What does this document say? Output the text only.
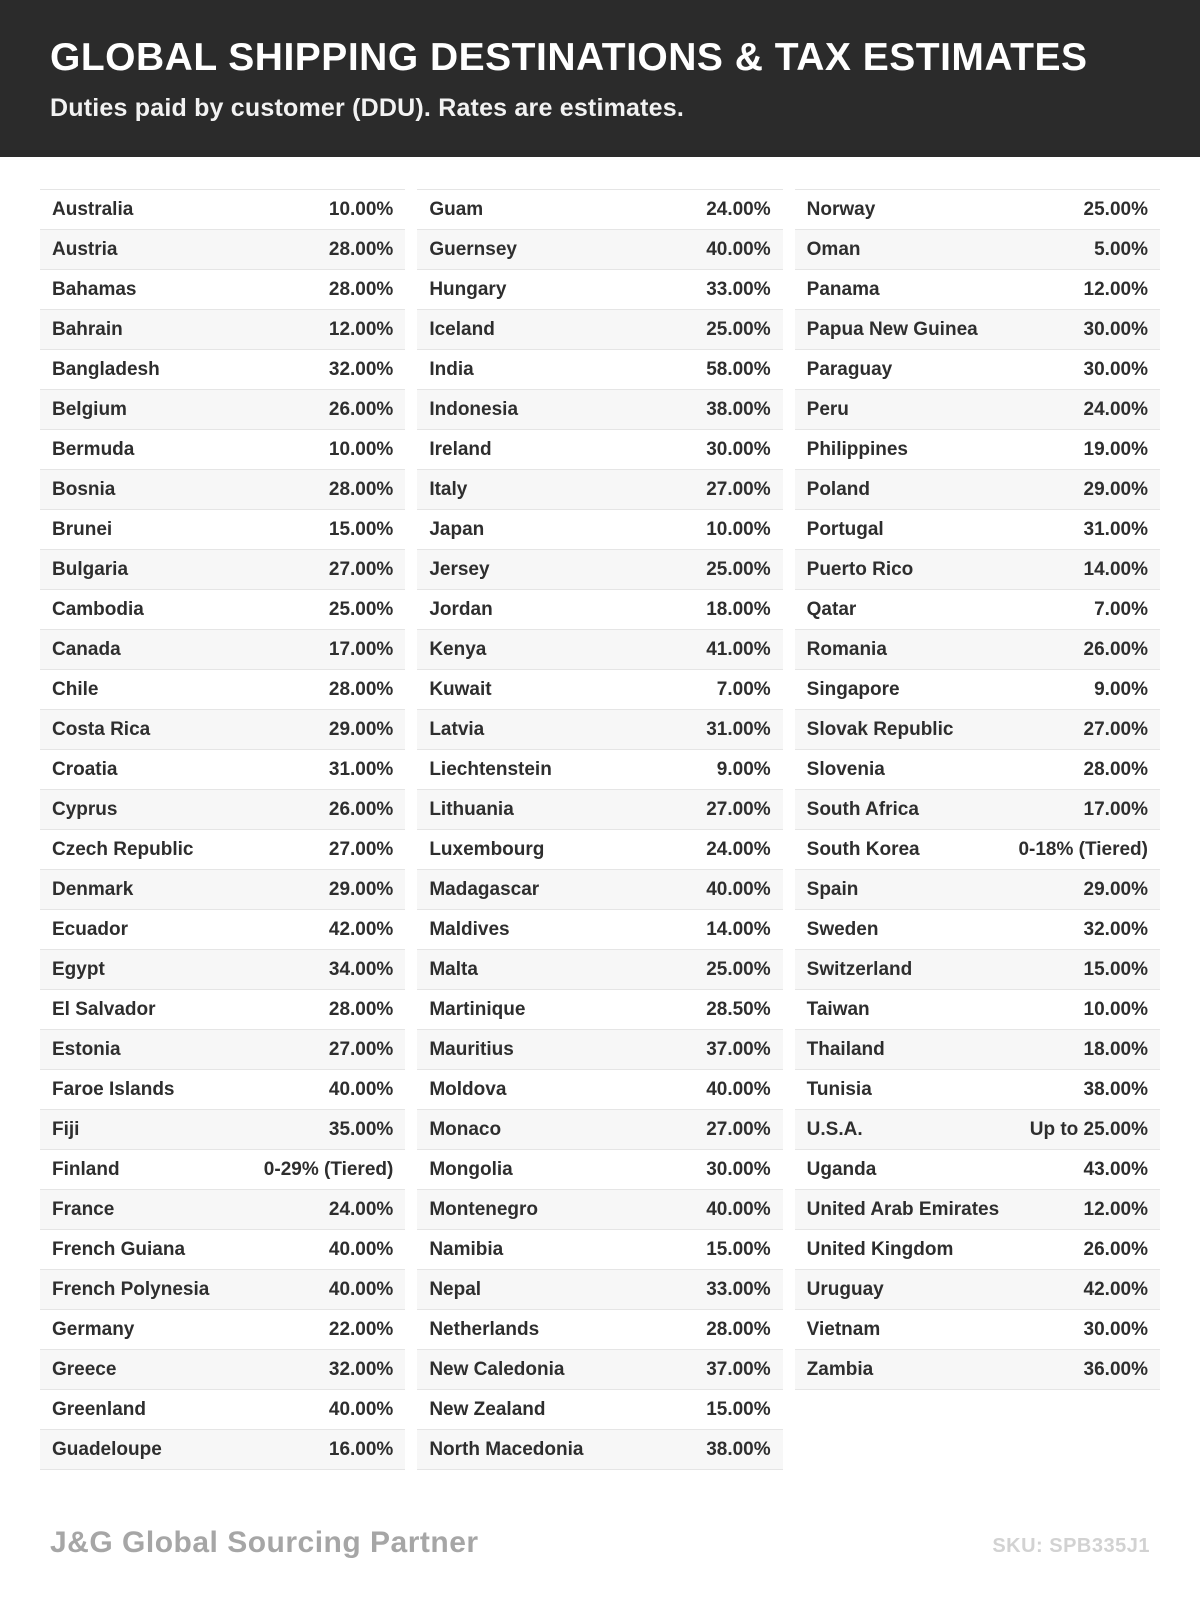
GLOBAL SHIPPING DESTINATIONS & TAX ESTIMATES

Duties paid by customer (DDU). Rates are estimates.

Australia	10.00%
Austria	28.00%
Bahamas	28.00%
Bahrain	12.00%
Bangladesh	32.00%
Belgium	26.00%
Bermuda	10.00%
Bosnia	28.00%
Brunei	15.00%
Bulgaria	27.00%
Cambodia	25.00%
Canada	17.00%
Chile	28.00%
Costa Rica	29.00%
Croatia	31.00%
Cyprus	26.00%
Czech Republic	27.00%
Denmark	29.00%
Ecuador	42.00%
Egypt	34.00%
El Salvador	28.00%
Estonia	27.00%
Faroe Islands	40.00%
Fiji	35.00%
Finland	0-29% (Tiered)
France	24.00%
French Guiana	40.00%
French Polynesia	40.00%
Germany	22.00%
Greece	32.00%
Greenland	40.00%
Guadeloupe	16.00%
Guam	24.00%
Guernsey	40.00%
Hungary	33.00%
Iceland	25.00%
India	58.00%
Indonesia	38.00%
Ireland	30.00%
Italy	27.00%
Japan	10.00%
Jersey	25.00%
Jordan	18.00%
Kenya	41.00%
Kuwait	7.00%
Latvia	31.00%
Liechtenstein	9.00%
Lithuania	27.00%
Luxembourg	24.00%
Madagascar	40.00%
Maldives	14.00%
Malta	25.00%
Martinique	28.50%
Mauritius	37.00%
Moldova	40.00%
Monaco	27.00%
Mongolia	30.00%
Montenegro	40.00%
Namibia	15.00%
Nepal	33.00%
Netherlands	28.00%
New Caledonia	37.00%
New Zealand	15.00%
North Macedonia	38.00%
Norway	25.00%
Oman	5.00%
Panama	12.00%
Papua New Guinea	30.00%
Paraguay	30.00%
Peru	24.00%
Philippines	19.00%
Poland	29.00%
Portugal	31.00%
Puerto Rico	14.00%
Qatar	7.00%
Romania	26.00%
Singapore	9.00%
Slovak Republic	27.00%
Slovenia	28.00%
South Africa	17.00%
South Korea	0-18% (Tiered)
Spain	29.00%
Sweden	32.00%
Switzerland	15.00%
Taiwan	10.00%
Thailand	18.00%
Tunisia	38.00%
U.S.A.	Up to 25.00%
Uganda	43.00%
United Arab Emirates	12.00%
United Kingdom	26.00%
Uruguay	42.00%
Vietnam	30.00%
Zambia	36.00%
J&G Global Sourcing Partner	SKU: SPB335J1
